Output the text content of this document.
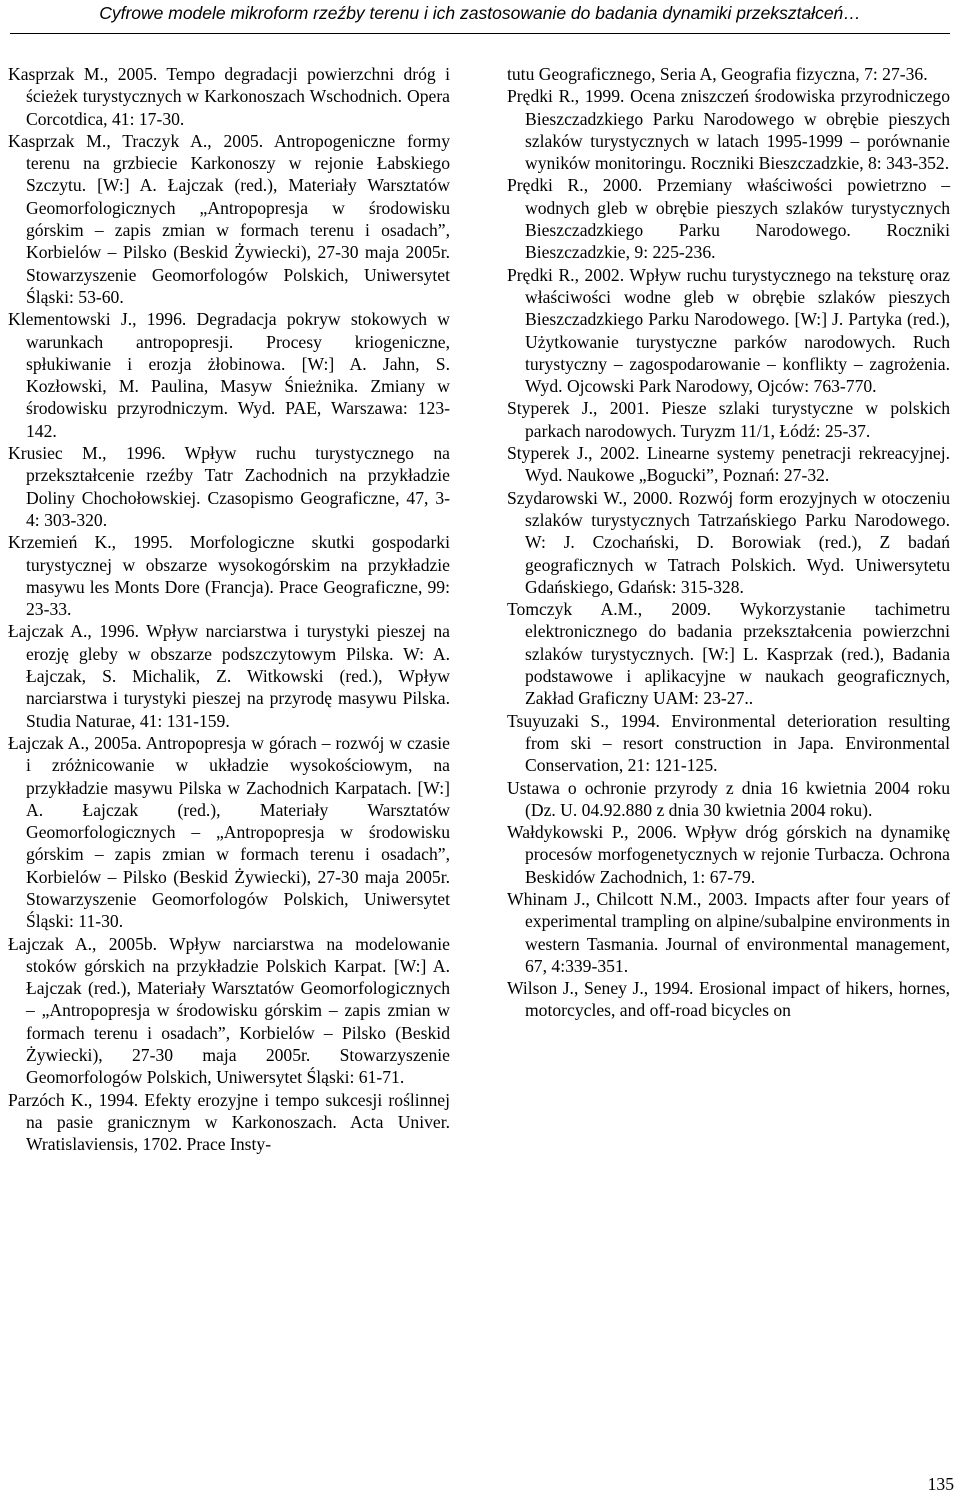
Cyfrowe modele mikroform rzeźby terenu i ich zastosowanie do badania dynamiki przekształceń…

Kasprzak M., 2005. Tempo degradacji powierzchni dróg i ścieżek turystycznych w Karkonoszach Wschodnich. Opera Corcotdica, 41: 17-30.

Kasprzak M., Traczyk A., 2005. Antropogeniczne formy terenu na grzbiecie Karkonoszy w rejonie Łabskiego Szczytu. [W:] A. Łajczak (red.), Materiały Warsztatów Geomorfologicznych „Antropopresja w środowisku górskim – zapis zmian w formach terenu i osadach”, Korbielów – Pilsko (Beskid Żywiecki), 27-30 maja 2005r. Stowarzyszenie Geomorfologów Polskich, Uniwersytet Śląski: 53-60.

Klementowski J., 1996. Degradacja pokryw stokowych w warunkach antropopresji. Procesy kriogeniczne, spłukiwanie i erozja żłobinowa. [W:] A. Jahn, S. Kozłowski, M. Paulina, Masyw Śnieżnika. Zmiany w środowisku przyrodniczym. Wyd. PAE, Warszawa: 123-142.

Krusiec M., 1996. Wpływ ruchu turystycznego na przekształcenie rzeźby Tatr Zachodnich na przykładzie Doliny Chochołowskiej. Czasopismo Geograficzne, 47, 3-4: 303-320.

Krzemień K., 1995. Morfologiczne skutki gospodarki turystycznej w obszarze wysokogórskim na przykładzie masywu les Monts Dore (Francja). Prace Geograficzne, 99: 23-33.

Łajczak A., 1996. Wpływ narciarstwa i turystyki pieszej na erozję gleby w obszarze podszczytowym Pilska. W: A. Łajczak, S. Michalik, Z. Witkowski (red.), Wpływ narciarstwa i turystyki pieszej na przyrodę masywu Pilska. Studia Naturae, 41: 131-159.

Łajczak A., 2005a. Antropopresja w górach – rozwój w czasie i zróżnicowanie w układzie wysokościowym, na przykładzie masywu Pilska w Zachodnich Karpatach. [W:] A. Łajczak (red.), Materiały Warsztatów Geomorfologicznych – „Antropopresja w środowisku górskim – zapis zmian w formach terenu i osadach”, Korbielów – Pilsko (Beskid Żywiecki), 27-30 maja 2005r. Stowarzyszenie Geomorfologów Polskich, Uniwersytet Śląski: 11-30.

Łajczak A., 2005b. Wpływ narciarstwa na modelowanie stoków górskich na przykładzie Polskich Karpat. [W:] A. Łajczak (red.), Materiały Warsztatów Geomorfologicznych – „Antropopresja w środowisku górskim – zapis zmian w formach terenu i osadach”, Korbielów – Pilsko (Beskid Żywiecki), 27-30 maja 2005r. Stowarzyszenie Geomorfologów Polskich, Uniwersytet Śląski: 61-71.

Parzóch K., 1994. Efekty erozyjne i tempo sukcesji roślinnej na pasie granicznym w Karkonoszach. Acta Univer. Wratislaviensis, 1702. Prace Insty-

tutu Geograficznego, Seria A, Geografia fizyczna, 7: 27-36.

Prędki R., 1999. Ocena zniszczeń środowiska przyrodniczego Bieszczadzkiego Parku Narodowego w obrębie pieszych szlaków turystycznych w latach 1995-1999 – porównanie wyników monitoringu. Roczniki Bieszczadzkie, 8: 343-352.

Prędki R., 2000. Przemiany właściwości powietrzno – wodnych gleb w obrębie pieszych szlaków turystycznych Bieszczadzkiego Parku Narodowego. Roczniki Bieszczadzkie, 9: 225-236.

Prędki R., 2002. Wpływ ruchu turystycznego na teksturę oraz właściwości wodne gleb w obrębie szlaków pieszych Bieszczadzkiego Parku Narodowego. [W:] J. Partyka (red.), Użytkowanie turystyczne parków narodowych. Ruch turystyczny – zagospodarowanie – konflikty – zagrożenia. Wyd. Ojcowski Park Narodowy, Ojców: 763-770.

Styperek J., 2001. Piesze szlaki turystyczne w polskich parkach narodowych. Turyzm 11/1, Łódź: 25-37.

Styperek J., 2002. Linearne systemy penetracji rekreacyjnej. Wyd. Naukowe „Bogucki”, Poznań: 27-32.

Szydarowski W., 2000. Rozwój form erozyjnych w otoczeniu szlaków turystycznych Tatrzańskiego Parku Narodowego. W: J. Czochański, D. Borowiak (red.), Z badań geograficznych w Tatrach Polskich. Wyd. Uniwersytetu Gdańskiego, Gdańsk: 315-328.

Tomczyk A.M., 2009. Wykorzystanie tachimetru elektronicznego do badania przekształcenia powierzchni szlaków turystycznych. [W:] L. Kasprzak (red.), Badania podstawowe i aplikacyjne w naukach geograficznych, Zakład Graficzny UAM: 23-27..

Tsuyuzaki S., 1994. Environmental deterioration resulting from ski – resort construction in Japa. Environmental Conservation, 21: 121-125.

Ustawa o ochronie przyrody z dnia 16 kwietnia 2004 roku (Dz. U. 04.92.880 z dnia 30 kwietnia 2004 roku).

Wałdykowski P., 2006. Wpływ dróg górskich na dynamikę procesów morfogenetycznych w rejonie Turbacza. Ochrona Beskidów Zachodnich, 1: 67-79.

Whinam J., Chilcott N.M., 2003. Impacts after four years of experimental trampling on alpine/subalpine environments in western Tasmania. Journal of environmental management, 67, 4:339-351.

Wilson J., Seney J., 1994. Erosional impact of hikers, hornes, motorcycles, and off-road bicycles on

135
